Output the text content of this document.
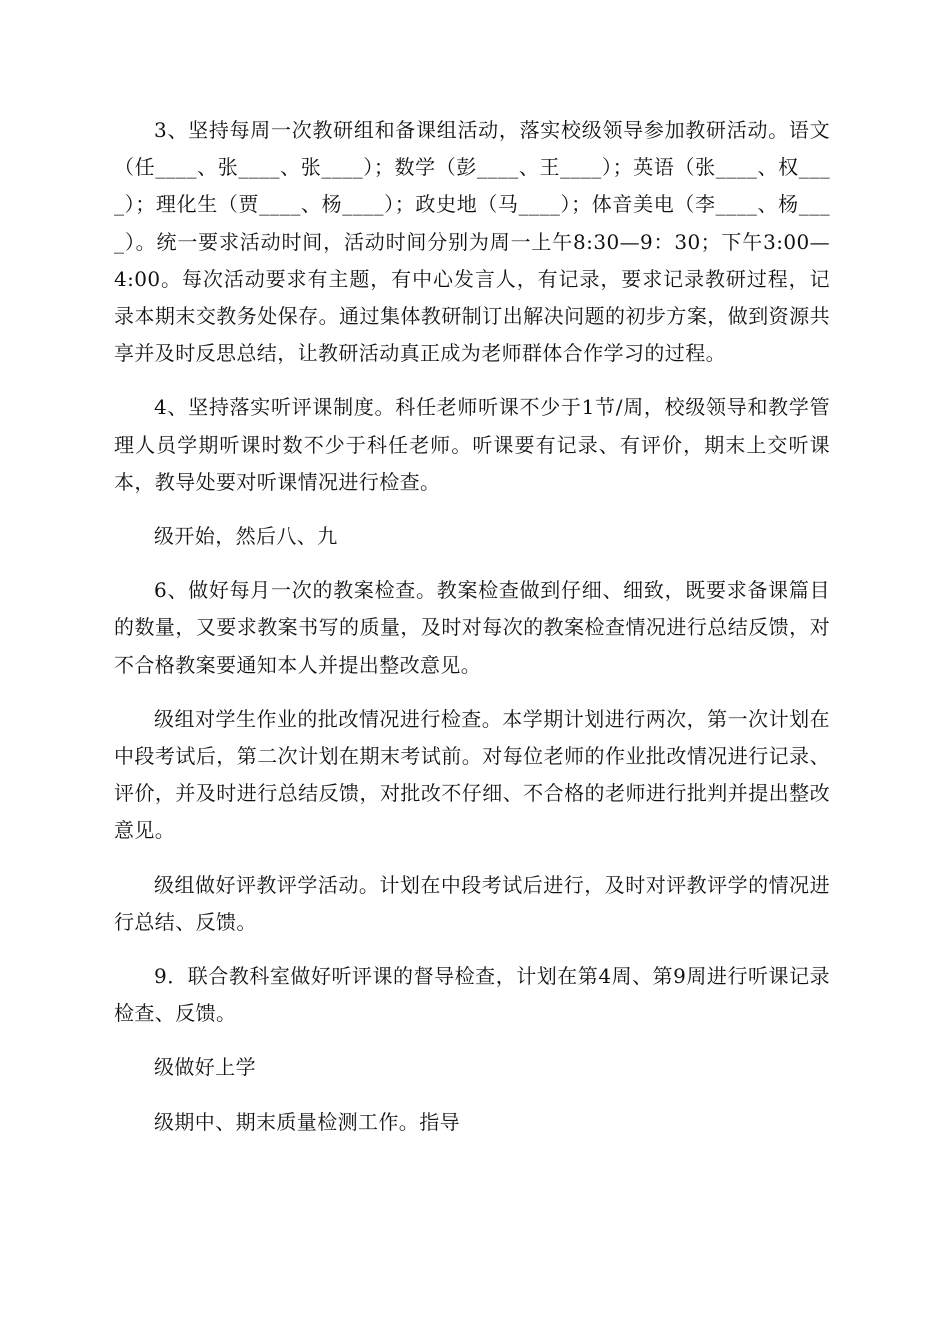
3、坚持每周一次教研组和备课组活动，落实校级领导参加教研活动。语文（任____、张____、张____）；数学（彭____、王____）；英语（张____、权____）；理化生（贾____、杨____）；政史地（马____）；体音美电（李____、杨____）。统一要求活动时间，活动时间分别为周一上午8:30—9：30；下午3:00—4:00。每次活动要求有主题，有中心发言人，有记录，要求记录教研过程，记录本期末交教务处保存。通过集体教研制订出解决问题的初步方案，做到资源共享并及时反思总结，让教研活动真正成为老师群体合作学习的过程。

4、坚持落实听评课制度。科任老师听课不少于1节/周，校级领导和教学管理人员学期听课时数不少于科任老师。听课要有记录、有评价，期末上交听课本，教导处要对听课情况进行检查。

级开始，然后八、九

6、做好每月一次的教案检查。教案检查做到仔细、细致，既要求备课篇目的数量，又要求教案书写的质量，及时对每次的教案检查情况进行总结反馈，对不合格教案要通知本人并提出整改意见。

级组对学生作业的批改情况进行检查。本学期计划进行两次，第一次计划在中段考试后，第二次计划在期末考试前。对每位老师的作业批改情况进行记录、评价，并及时进行总结反馈，对批改不仔细、不合格的老师进行批判并提出整改意见。

级组做好评教评学活动。计划在中段考试后进行，及时对评教评学的情况进行总结、反馈。

9．联合教科室做好听评课的督导检查，计划在第4周、第9周进行听课记录检查、反馈。

级做好上学

级期中、期末质量检测工作。指导
